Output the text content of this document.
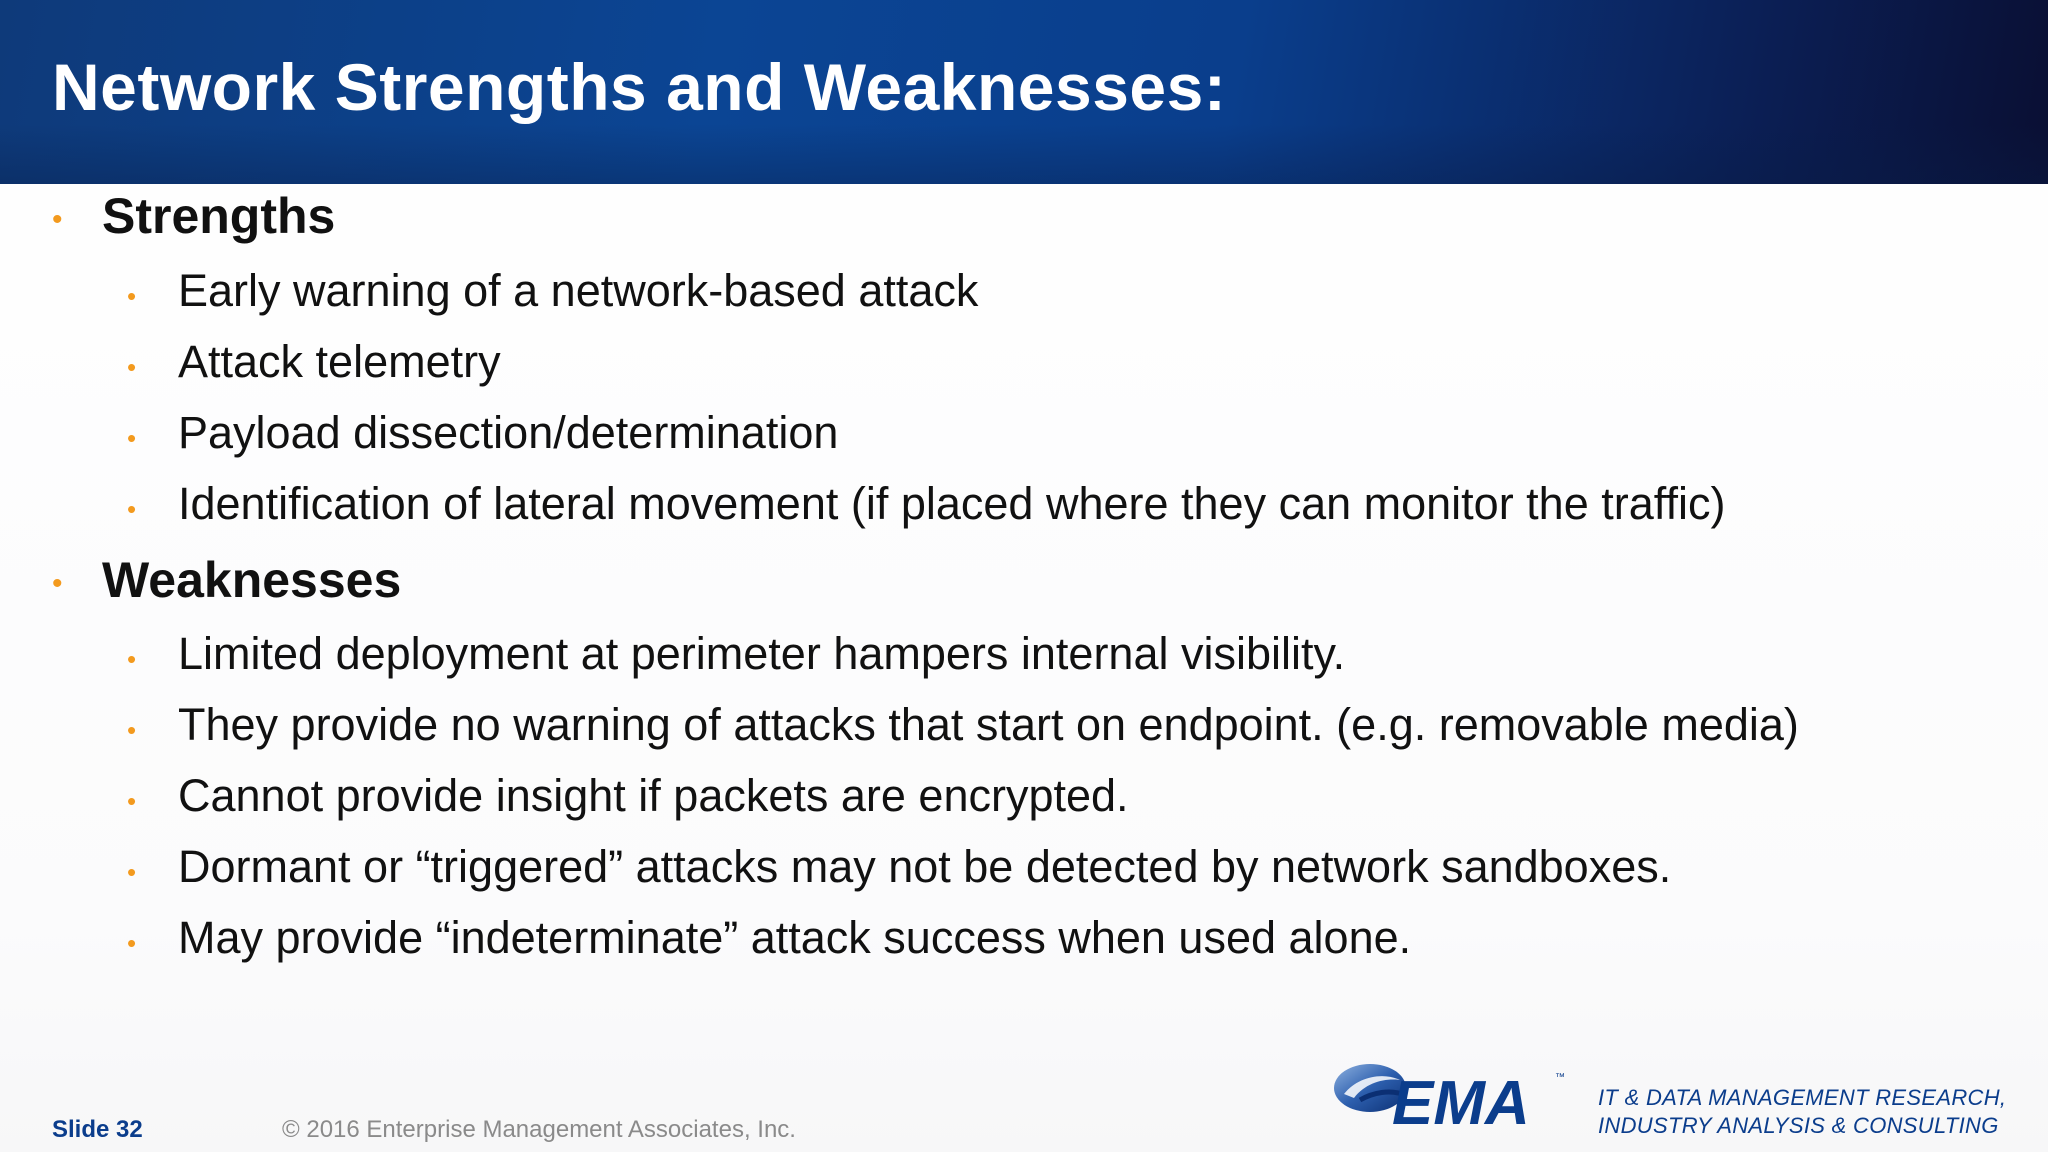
Network Strengths and Weaknesses:
• Strengths
• Early warning of a network-based attack
• Attack telemetry
• Payload dissection/determination
• Identification of lateral movement (if placed where they can monitor the traffic)
• Weaknesses
• Limited deployment at perimeter hampers internal visibility.
• They provide no warning of attacks that start on endpoint. (e.g. removable media)
• Cannot provide insight if packets are encrypted.
• Dormant or “triggered” attacks may not be detected by network sandboxes.
• May provide “indeterminate” attack success when used alone.
Slide 32	© 2016 Enterprise Management Associates, Inc.	EMA	™
IT & DATA MANAGEMENT RESEARCH,
INDUSTRY ANALYSIS & CONSULTING
